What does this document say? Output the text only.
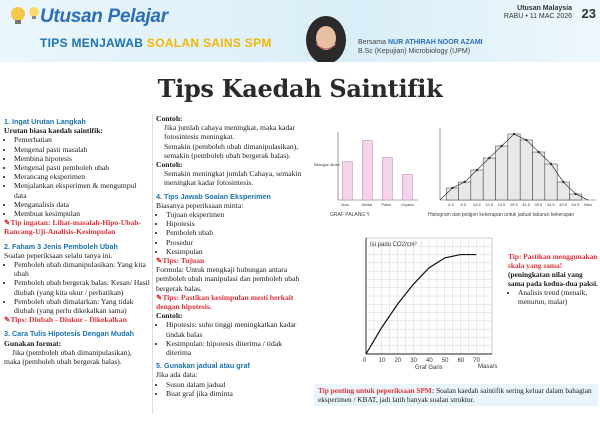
Utusan Pelajar	Utusan Malaysia
RABU • 11 MAC 2026 23
TIPS MENJAWAB SOALAN SAINS SPM	Bersama NUR ATHIRAH NOOR AZAMI
B.Sc (Kepujian) Microbiology (UPM)
Tips Kaedah Saintifik
1. Ingat Urutan Langkah
Urutan biasa kaedah saintifik:
• Pemerhatian
• Mengenal pasti masalah
• Membina hipotesis
• Mengenal pasti pemboleh ubah
• Merancang eksperimen
• Menjalankan eksperimen & mengumpul data
• Menganalisis data
• Membuat kesimpulan
✎ Tip ingatan: Lihat-masalah-Hipo-Ubah-Rancang-Uji-Analisis-Kesimpulan
2. Faham 3 Jenis Pemboleh Ubah
Soalan peperiksaan selalu tanya ini.
• Pemboleh ubah dimanipulasikan: Yang kita ubah
• Pemboleh ubah bergerak balas: Kesan/ Hasil diubah (yang kita ukur / perhatikan)
• Pemboleh ubah dimalarkan: Yang tidak diubah (yang perlu dikekalkan sama)
✎ Tips: Diubah - Diukur - Dikekalkan
3. Cara Tulis Hipotesis Dengan Mudah
Gunakan format:
Jika (pemboleh ubah dimanipulasikan),
maka (pemboleh ubah bergerak balas).
Contoh:
Jika jumlah cahaya meningkat, maka kadar fotosintesis meningkat.
Semakin (pemboleh ubah dimanipulasikan), semakin (pemboleh ubah bergerak balas).
Contoh:
Semakin meningkat jumlah Cahaya, semakin meningkat kadar fotosintesis.
4. Tips Jawab Soalan Eksperimen
Biasanya peperiksaan minta:
• Tujuan eksperimen
• Hipotesis
• Pemboleh ubah
• Prosedur
• Kesimpulan
✎ Tips: Tujuan
Formula: Untuk mengkaji hubungan antara pemboleh ubah manipulasi dan pemboleh ubah bergerak balas.
✎ Tips: Pastikan kesimpulan mesti berkait dengan hipotesis.
Contoh:
• Hipotesis: suhu tinggi meningkatkan kadar tindak balas
• Kesimpulan: hipotesis diterima / tidak diterima
5. Gunakan jadual atau graf
Jika ada data:
• Susun dalam jadual
• Buat graf jika diminta
Bilangan Buku
Ikan	Selasi Pakis	Kiyana
GRAF PALANG Y
4.5 9.5 14.5 19.5 24.5 29.5 34.5 39.5 44.5 49.5 54.5 Nilai
Histogram dan poligon kekerapan untuk jadual taburan kekerapan
0 10 20 30 40 50 60 70
Isi padu CO2/cm³
Masa/s
Graf Garis
Tip: Pastikan menggunakan skala yang sama!
(peningkatan nilai yang sama pada kedua-dua paksi.
• Analisis trend (menaik, menurun, malar)
Tip penting untuk peperiksaan SPM: Soalan kaedah saintifik sering keluar dalam bahagian eksperimen / KBAT, jadi latih banyak soalan struktur.
